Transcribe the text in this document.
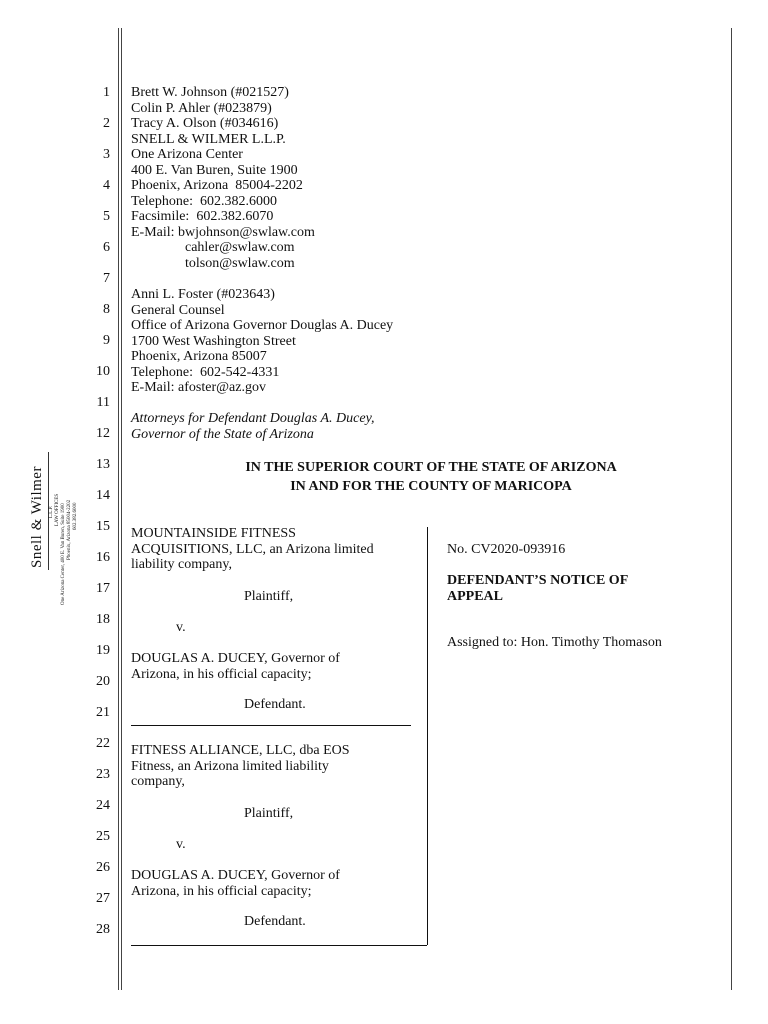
1
2
3
4
5
6
7
8
9
10
11
12
13
14
15
16
17
18
19
20
21
22
23
24
25
26
27
28
Snell & Wilmer L.L.P. LAW OFFICES One Arizona Center, 400 E. Van Buren, Suite 1900 Phoenix, Arizona 85004-2202 602.382.6000
Brett W. Johnson (#021527)
Colin P. Ahler (#023879)
Tracy A. Olson (#034616)
SNELL & WILMER L.L.P.
One Arizona Center
400 E. Van Buren, Suite 1900
Phoenix, Arizona  85004-2202
Telephone:  602.382.6000
Facsimile:  602.382.6070
E-Mail: bwjohnson@swlaw.com
cahler@swlaw.com
tolson@swlaw.com
Anni L. Foster (#023643)
General Counsel
Office of Arizona Governor Douglas A. Ducey
1700 West Washington Street
Phoenix, Arizona 85007
Telephone:  602-542-4331
E-Mail: afoster@az.gov
Attorneys for Defendant Douglas A. Ducey,
Governor of the State of Arizona
IN THE SUPERIOR COURT OF THE STATE OF ARIZONA
IN AND FOR THE COUNTY OF MARICOPA
MOUNTAINSIDE FITNESS
ACQUISITIONS, LLC, an Arizona limited
liability company,
Plaintiff,
v.
DOUGLAS A. DUCEY, Governor of
Arizona, in his official capacity;
Defendant.
FITNESS ALLIANCE, LLC, dba EOS
Fitness, an Arizona limited liability
company,
Plaintiff,
v.
DOUGLAS A. DUCEY, Governor of
Arizona, in his official capacity;
Defendant.
No. CV2020-093916
DEFENDANT’S NOTICE OF
APPEAL
Assigned to: Hon. Timothy Thomason
